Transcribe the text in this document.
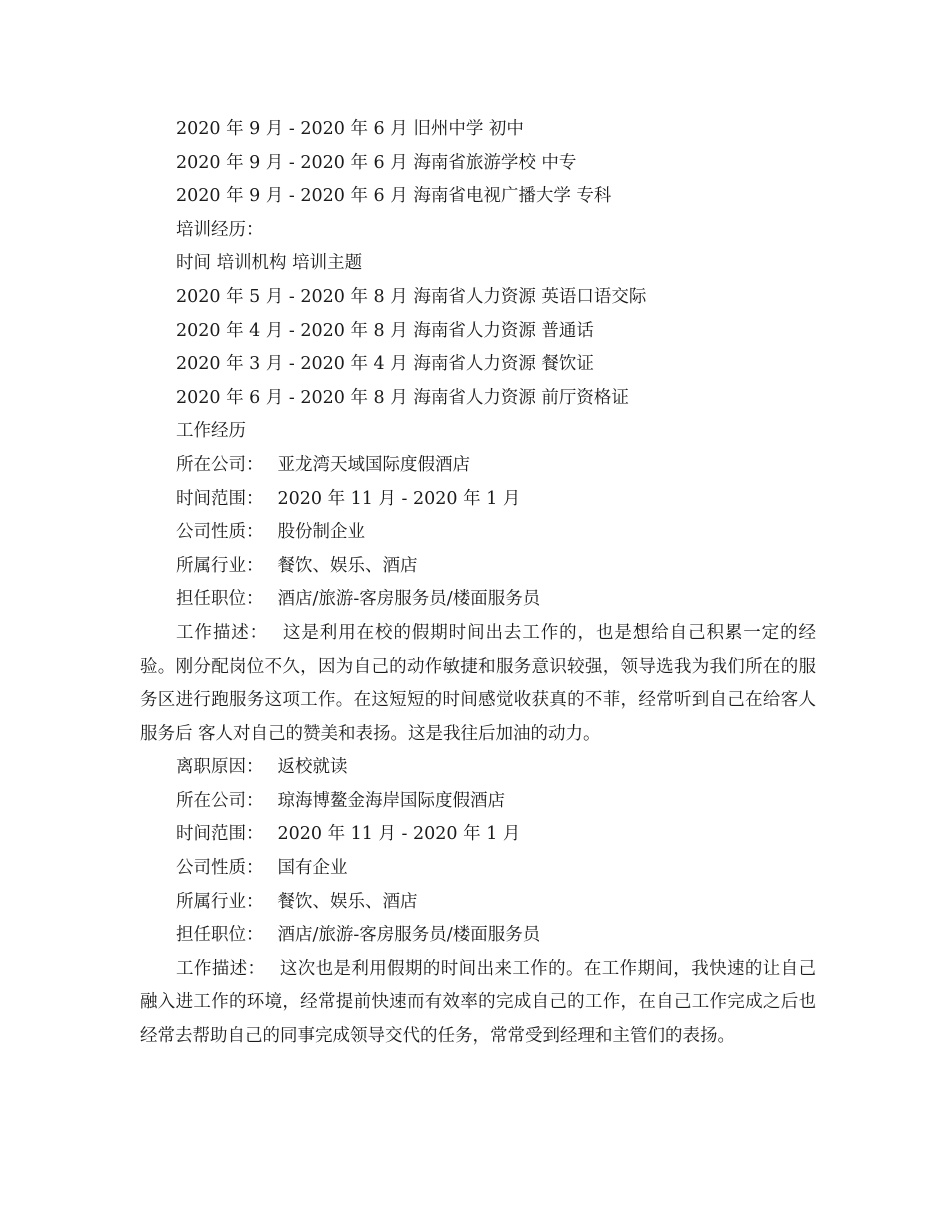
2020 年 9 月 - 2020 年 6 月 旧州中学 初中
2020 年 9 月 - 2020 年 6 月 海南省旅游学校 中专
2020 年 9 月 - 2020 年 6 月 海南省电视广播大学 专科
培训经历：
时间 培训机构 培训主题
2020 年 5 月 - 2020 年 8 月 海南省人力资源 英语口语交际
2020 年 4 月 - 2020 年 8 月 海南省人力资源 普通话
2020 年 3 月 - 2020 年 4 月 海南省人力资源 餐饮证
2020 年 6 月 - 2020 年 8 月 海南省人力资源 前厅资格证
工作经历
所在公司： 亚龙湾天域国际度假酒店
时间范围： 2020 年 11 月 - 2020 年 1 月
公司性质： 股份制企业
所属行业： 餐饮、娱乐、酒店
担任职位： 酒店/旅游-客房服务员/楼面服务员
工作描述： 这是利用在校的假期时间出去工作的，也是想给自己积累一定的经验。刚分配岗位不久，因为自己的动作敏捷和服务意识较强，领导选我为我们所在的服务区进行跑服务这项工作。在这短短的时间感觉收获真的不菲，经常听到自己在给客人服务后 客人对自己的赞美和表扬。这是我往后加油的动力。
离职原因： 返校就读
所在公司： 琼海博鳌金海岸国际度假酒店
时间范围： 2020 年 11 月 - 2020 年 1 月
公司性质： 国有企业
所属行业： 餐饮、娱乐、酒店
担任职位： 酒店/旅游-客房服务员/楼面服务员
工作描述： 这次也是利用假期的时间出来工作的。在工作期间，我快速的让自己融入进工作的环境，经常提前快速而有效率的完成自己的工作，在自己工作完成之后也经常去帮助自己的同事完成领导交代的任务，常常受到经理和主管们的表扬。
